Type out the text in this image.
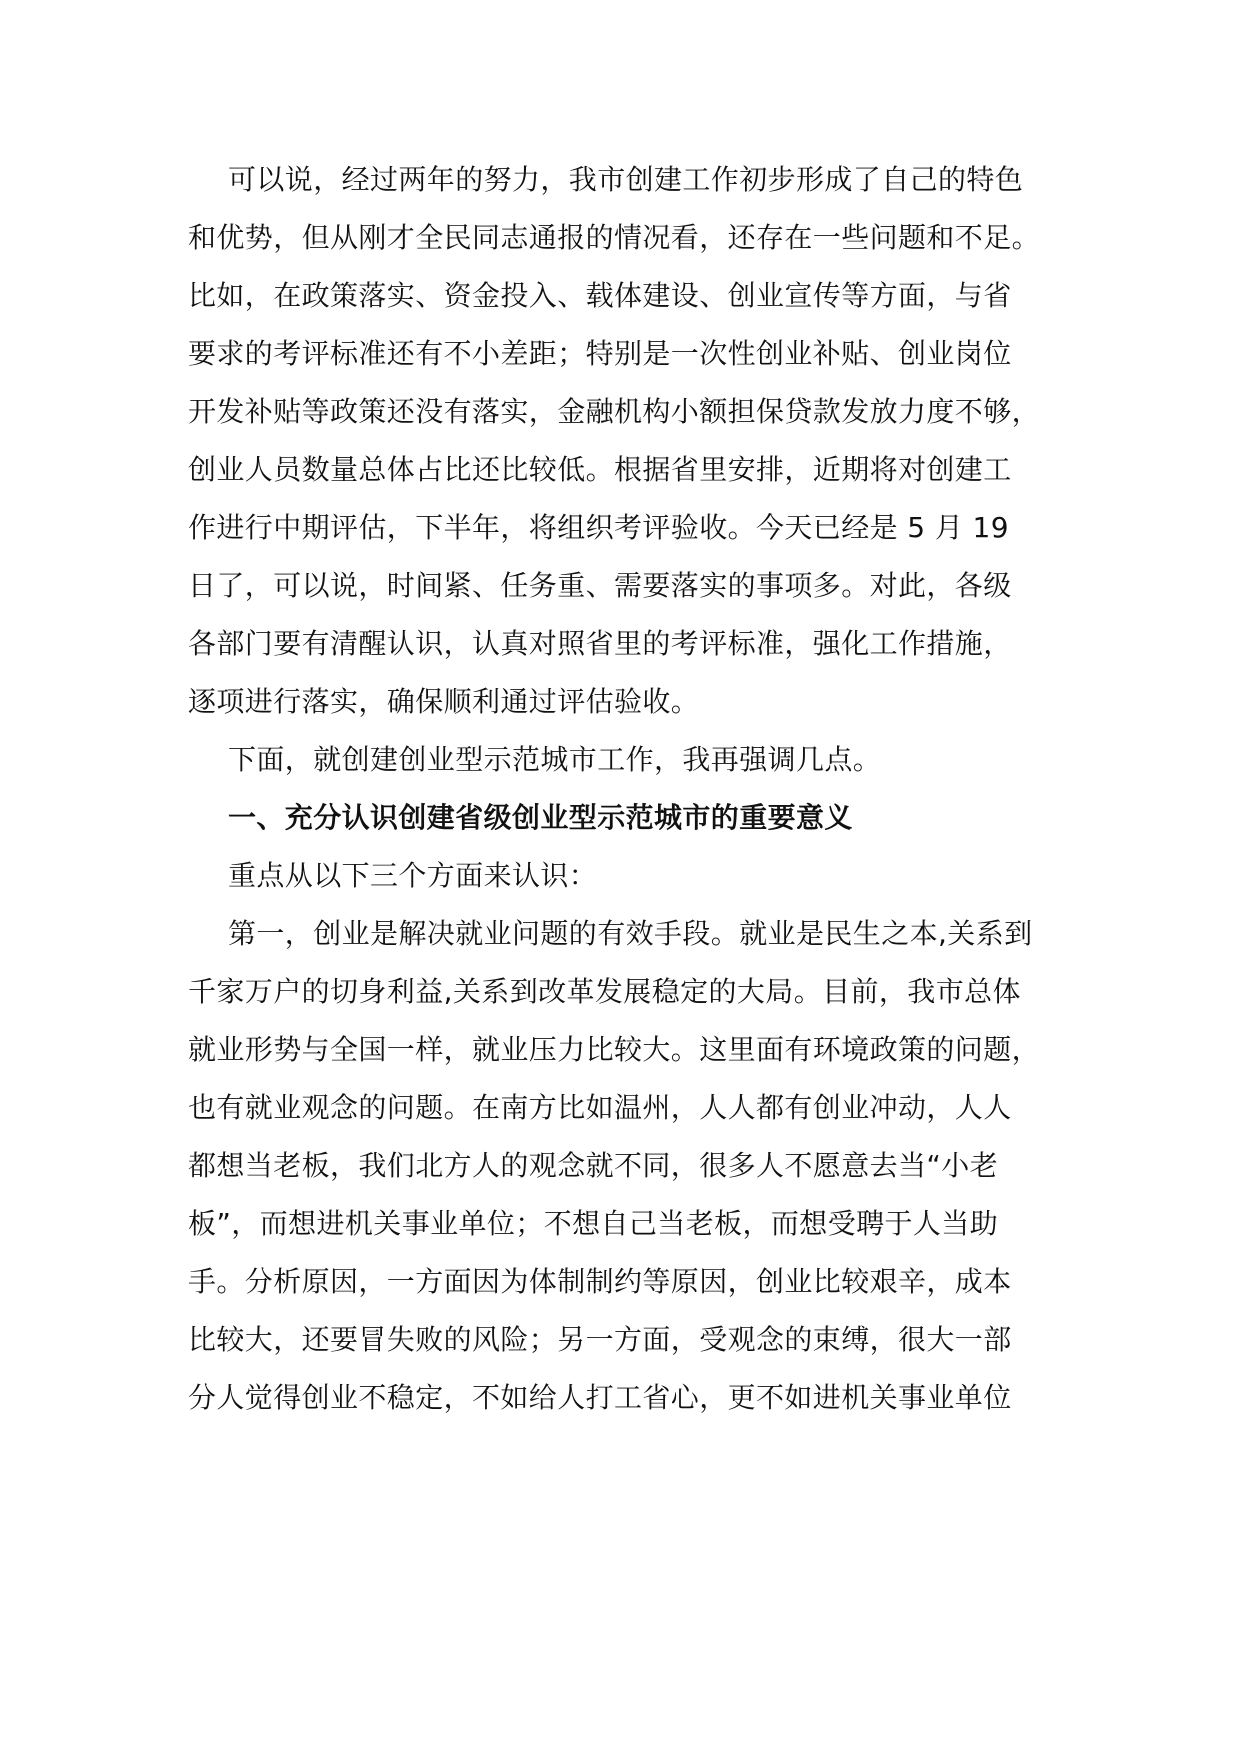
可以说，经过两年的努力，我市创建工作初步形成了自己的特色
和优势，但从刚才全民同志通报的情况看，还存在一些问题和不足。
比如，在政策落实、资金投入、载体建设、创业宣传等方面，与省
要求的考评标准还有不小差距；特别是一次性创业补贴、创业岗位
开发补贴等政策还没有落实，金融机构小额担保贷款发放力度不够，
创业人员数量总体占比还比较低。根据省里安排，近期将对创建工
作进行中期评估，下半年，将组织考评验收。今天已经是 5 月 19
日了，可以说，时间紧、任务重、需要落实的事项多。对此，各级
各部门要有清醒认识，认真对照省里的考评标准，强化工作措施，
逐项进行落实，确保顺利通过评估验收。
下面，就创建创业型示范城市工作，我再强调几点。
一、充分认识创建省级创业型示范城市的重要意义
重点从以下三个方面来认识：
第一，创业是解决就业问题的有效手段。就业是民生之本,关系到
千家万户的切身利益,关系到改革发展稳定的大局。目前，我市总体
就业形势与全国一样，就业压力比较大。这里面有环境政策的问题，
也有就业观念的问题。在南方比如温州，人人都有创业冲动，人人
都想当老板，我们北方人的观念就不同，很多人不愿意去当“小老
板”，而想进机关事业单位；不想自己当老板，而想受聘于人当助
手。分析原因，一方面因为体制制约等原因，创业比较艰辛，成本
比较大，还要冒失败的风险；另一方面，受观念的束缚，很大一部
分人觉得创业不稳定，不如给人打工省心，更不如进机关事业单位
